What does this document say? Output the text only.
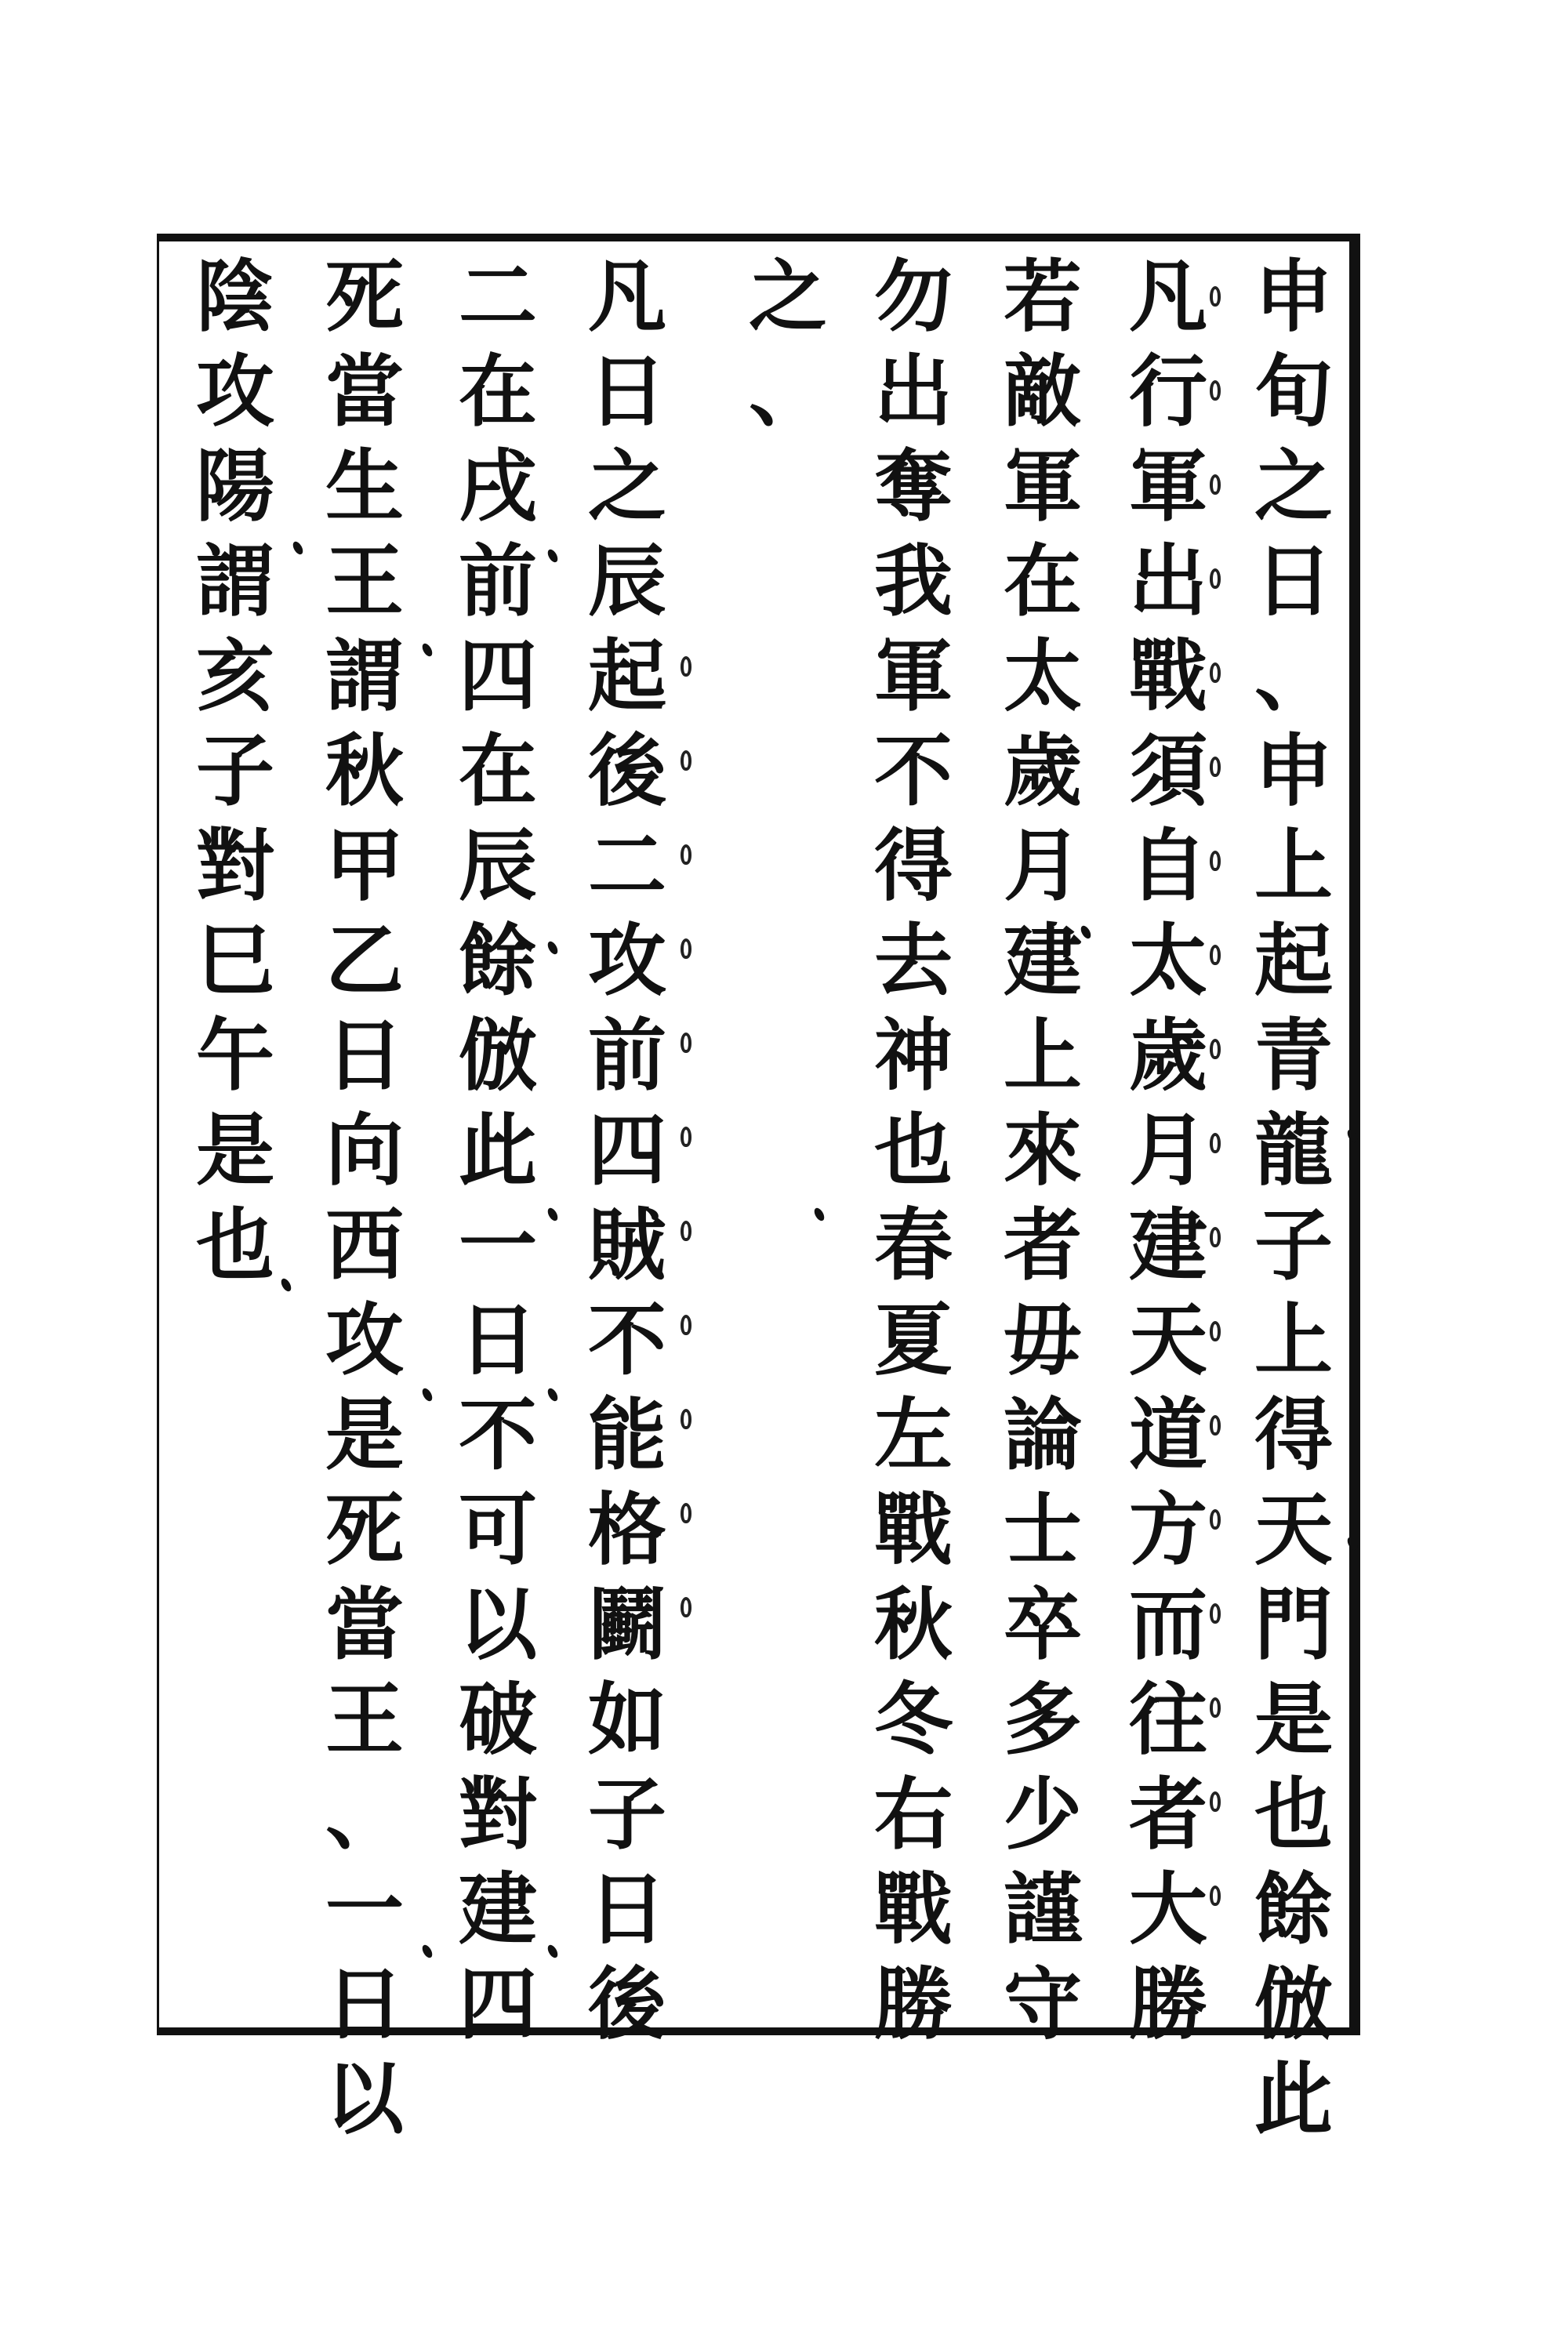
申
旬
之
日
、
申
上
起
青
龍
子
上
得
天
門
是
也
餘
倣
此
凡
行
軍
出
戰
須
自
太
歲
月
建
天
道
方
而
往
者
大
勝
若
敵
軍
在
太
歲
月
建
上
來
者
毋
論
士
卒
多
少
謹
守
勿
出
奪
我
軍
不
得
去
神
也
春
夏
左
戰
秋
冬
右
戰
勝
之
、
凡
日
之
辰
起
後
二
攻
前
四
賊
不
能
格
鬬
如
子
日
後
二
在
戌
前
四
在
辰
餘
倣
此
一
日
不
可
以
破
對
建
四
死
當
生
王
謂
秋
甲
乙
日
向
西
攻
是
死
當
王
、
一
日
以
陰
攻
陽
謂
亥
子
對
巳
午
是
也
